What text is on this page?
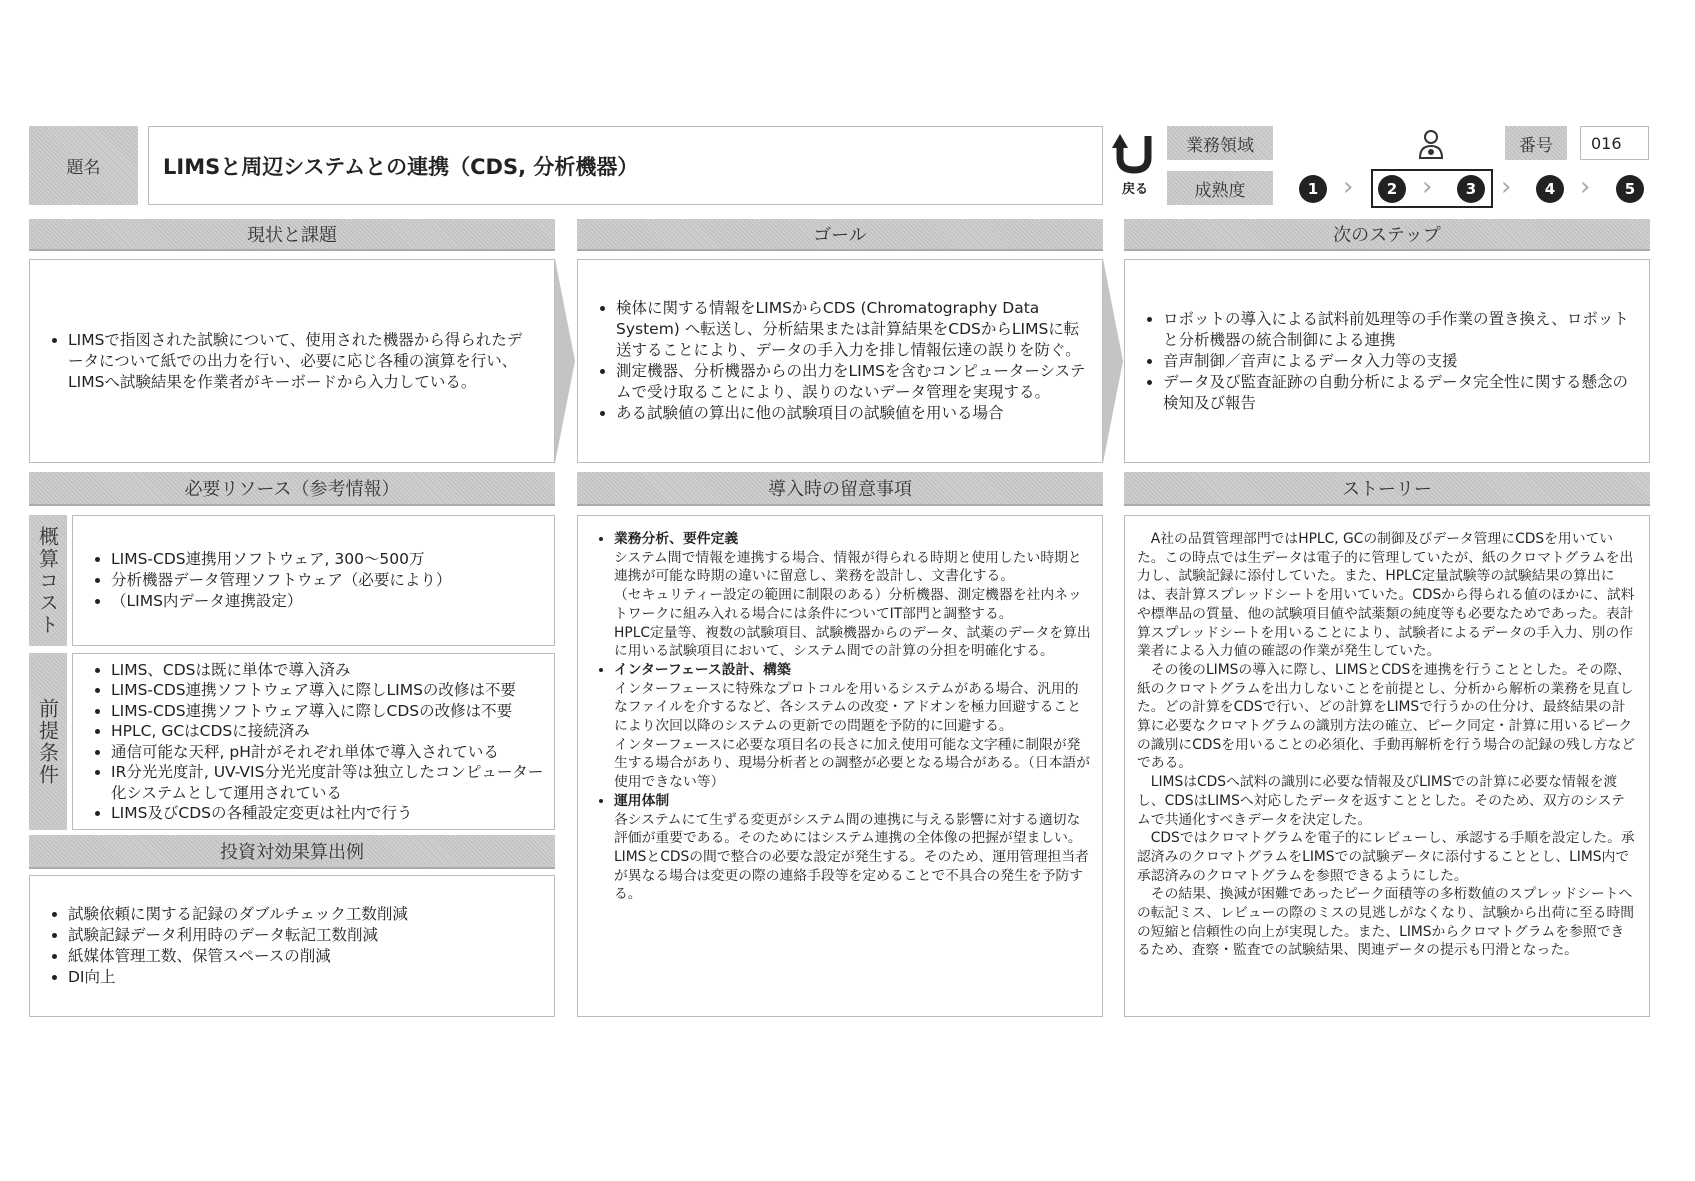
題名	LIMSと周辺システムとの連携（CDS, 分析機器）
戻る
業務領域	番号	016
成熟度	1 ›	2 ›	3 ›	4 ›	5
現状と課題	ゴール	次のステップ
• LIMSで指図された試験について、使用された機器から得られたデータについて紙での出力を行い、必要に応じ各種の演算を行い、LIMSへ試験結果を作業者がキーボードから入力している。
• 検体に関する情報をLIMSからCDS (Chromatography Data System) へ転送し、分析結果または計算結果をCDSからLIMSに転送することにより、データの手入力を排し情報伝達の誤りを防ぐ。
• 測定機器、分析機器からの出力をLIMSを含むコンピューターシステムで受け取ることにより、誤りのないデータ管理を実現する。
• ある試験値の算出に他の試験項目の試験値を用いる場合
• ロボットの導入による試料前処理等の手作業の置き換え、ロボットと分析機器の統合制御による連携
• 音声制御／音声によるデータ入力等の支援
• データ及び監査証跡の自動分析によるデータ完全性に関する懸念の検知及び報告
必要リソース（参考情報）	導入時の留意事項	ストーリー
概算コスト	• LIMS-CDS連携用ソフトウェア, 300～500万
• 分析機器データ管理ソフトウェア（必要により）
• （LIMS内データ連携設定）
前提条件
• LIMS、CDSは既に単体で導入済み
• LIMS-CDS連携ソフトウェア導入に際しLIMSの改修は不要
• LIMS-CDS連携ソフトウェア導入に際しCDSの改修は不要
• HPLC, GCはCDSに接続済み
• 通信可能な天秤, pH計がそれぞれ単体で導入されている
• IR分光光度計, UV-VIS分光光度計等は独立したコンピューター化システムとして運用されている
• LIMS及びCDSの各種設定変更は社内で行う
投資対効果算出例
• 試験依頼に関する記録のダブルチェック工数削減
• 試験記録データ利用時のデータ転記工数削減
• 紙媒体管理工数、保管スペースの削減
• DI向上
• 業務分析、要件定義
システム間で情報を連携する場合、情報が得られる時期と使用したい時期と連携が可能な時期の違いに留意し、業務を設計し、文書化する。
（セキュリティー設定の範囲に制限のある）分析機器、測定機器を社内ネットワークに組み入れる場合には条件についてIT部門と調整する。
HPLC定量等、複数の試験項目、試験機器からのデータ、試薬のデータを算出に用いる試験項目において、システム間での計算の分担を明確化する。
• インターフェース設計、構築
インターフェースに特殊なプロトコルを用いるシステムがある場合、汎用的なファイルを介するなど、各システムの改変・アドオンを極力回避することにより次回以降のシステムの更新での問題を予防的に回避する。
インターフェースに必要な項目名の長さに加え使用可能な文字種に制限が発生する場合があり、現場分析者との調整が必要となる場合がある。（日本語が使用できない等）
• 運用体制
各システムにて生ずる変更がシステム間の連携に与える影響に対する適切な評価が重要である。そのためにはシステム連携の全体像の把握が望ましい。
LIMSとCDSの間で整合の必要な設定が発生する。そのため、運用管理担当者が異なる場合は変更の際の連絡手段等を定めることで不具合の発生を予防する。

A社の品質管理部門ではHPLC, GCの制御及びデータ管理にCDSを用いていた。この時点では生データは電子的に管理していたが、紙のクロマトグラムを出力し、試験記録に添付していた。また、HPLC定量試験等の試験結果の算出には、表計算スプレッドシートを用いていた。CDSから得られる値のほかに、試料や標準品の質量、他の試験項目値や試薬類の純度等も必要なためであった。表計算スプレッドシートを用いることにより、試験者によるデータの手入力、別の作業者による入力値の確認の作業が発生していた。

その後のLIMSの導入に際し、LIMSとCDSを連携を行うこととした。その際、紙のクロマトグラムを出力しないことを前提とし、分析から解析の業務を見直した。どの計算をCDSで行い、どの計算をLIMSで行うかの仕分け、最終結果の計算に必要なクロマトグラムの識別方法の確立、ピーク同定・計算に用いるピークの識別にCDSを用いることの必須化、手動再解析を行う場合の記録の残し方などである。

LIMSはCDSへ試料の識別に必要な情報及びLIMSでの計算に必要な情報を渡し、CDSはLIMSへ対応したデータを返すこととした。そのため、双方のシステムで共通化すべきデータを決定した。

CDSではクロマトグラムを電子的にレビューし、承認する手順を設定した。承認済みのクロマトグラムをLIMSでの試験データに添付することとし、LIMS内で承認済みのクロマトグラムを参照できるようにした。

その結果、換減が困難であったピーク面積等の多桁数値のスプレッドシートへの転記ミス、レビューの際のミスの見逃しがなくなり、試験から出荷に至る時間の短縮と信頼性の向上が実現した。また、LIMSからクロマトグラムを参照できるため、査察・監査での試験結果、関連データの提示も円滑となった。
